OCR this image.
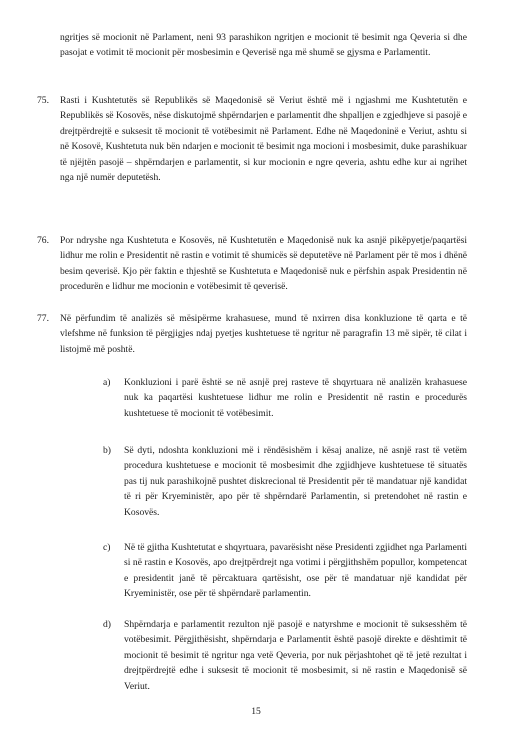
ngritjes së mocionit në Parlament, neni 93 parashikon ngritjen e mocionit të besimit nga Qeveria si dhe pasojat e votimit të mocionit për mosbesimin e Qeverisë nga më shumë se gjysma e Parlamentit.
75. Rasti i Kushtetutës së Republikës së Maqedonisë së Veriut është më i ngjashmi me Kushtetutën e Republikës së Kosovës, nëse diskutojmë shpërndarjen e parlamentit dhe shpalljen e zgjedhjeve si pasojë e drejtpërdrejtë e suksesit të mocionit të votëbesimit në Parlament. Edhe në Maqedoninë e Veriut, ashtu si në Kosovë, Kushtetuta nuk bën ndarjen e mocionit të besimit nga mocioni i mosbesimit, duke parashikuar të njëjtën pasojë – shpërndarjen e parlamentit, si kur mocionin e ngre qeveria, ashtu edhe kur ai ngrihet nga një numër deputetësh.
76. Por ndryshe nga Kushtetuta e Kosovës, në Kushtetutën e Maqedonisë nuk ka asnjë pikëpyetje/paqartësi lidhur me rolin e Presidentit në rastin e votimit të shumicës së deputetëve në Parlament për të mos i dhënë besim qeverisë. Kjo për faktin e thjeshtë se Kushtetuta e Maqedonisë nuk e përfshin aspak Presidentin në procedurën e lidhur me mocionin e votëbesimit të qeverisë.
77. Në përfundim të analizës së mësipërme krahasuese, mund të nxirren disa konkluzione të qarta e të vlefshme në funksion të përgjigjes ndaj pyetjes kushtetuese të ngritur në paragrafin 13 më sipër, të cilat i listojmë më poshtë.
a) Konkluzioni i parë është se në asnjë prej rasteve të shqyrtuara në analizën krahasuese nuk ka paqartësi kushtetuese lidhur me rolin e Presidentit në rastin e procedurës kushtetuese të mocionit të votëbesimit.
b) Së dyti, ndoshta konkluzioni më i rëndësishëm i kësaj analize, në asnjë rast të vetëm procedura kushtetuese e mocionit të mosbesimit dhe zgjidhjeve kushtetuese të situatës pas tij nuk parashikojnë pushtet diskrecional të Presidentit për të mandatuar një kandidat të ri për Kryeministër, apo për të shpërndarë Parlamentin, si pretendohet në rastin e Kosovës.
c) Në të gjitha Kushtetutat e shqyrtuara, pavarësisht nëse Presidenti zgjidhet nga Parlamenti si në rastin e Kosovës, apo drejtpërdrejt nga votimi i përgjithshëm popullor, kompetencat e presidentit janë të përcaktuara qartësisht, ose për të mandatuar një kandidat për Kryeministër, ose për të shpërndarë parlamentin.
d) Shpërndarja e parlamentit rezulton një pasojë e natyrshme e mocionit të suksesshëm të votëbesimit. Përgjithësisht, shpërndarja e Parlamentit është pasojë direkte e dështimit të mocionit të besimit të ngritur nga vetë Qeveria, por nuk përjashtohet që të jetë rezultat i drejtpërdrejtë edhe i suksesit të mocionit të mosbesimit, si në rastin e Maqedonisë së Veriut.
15
